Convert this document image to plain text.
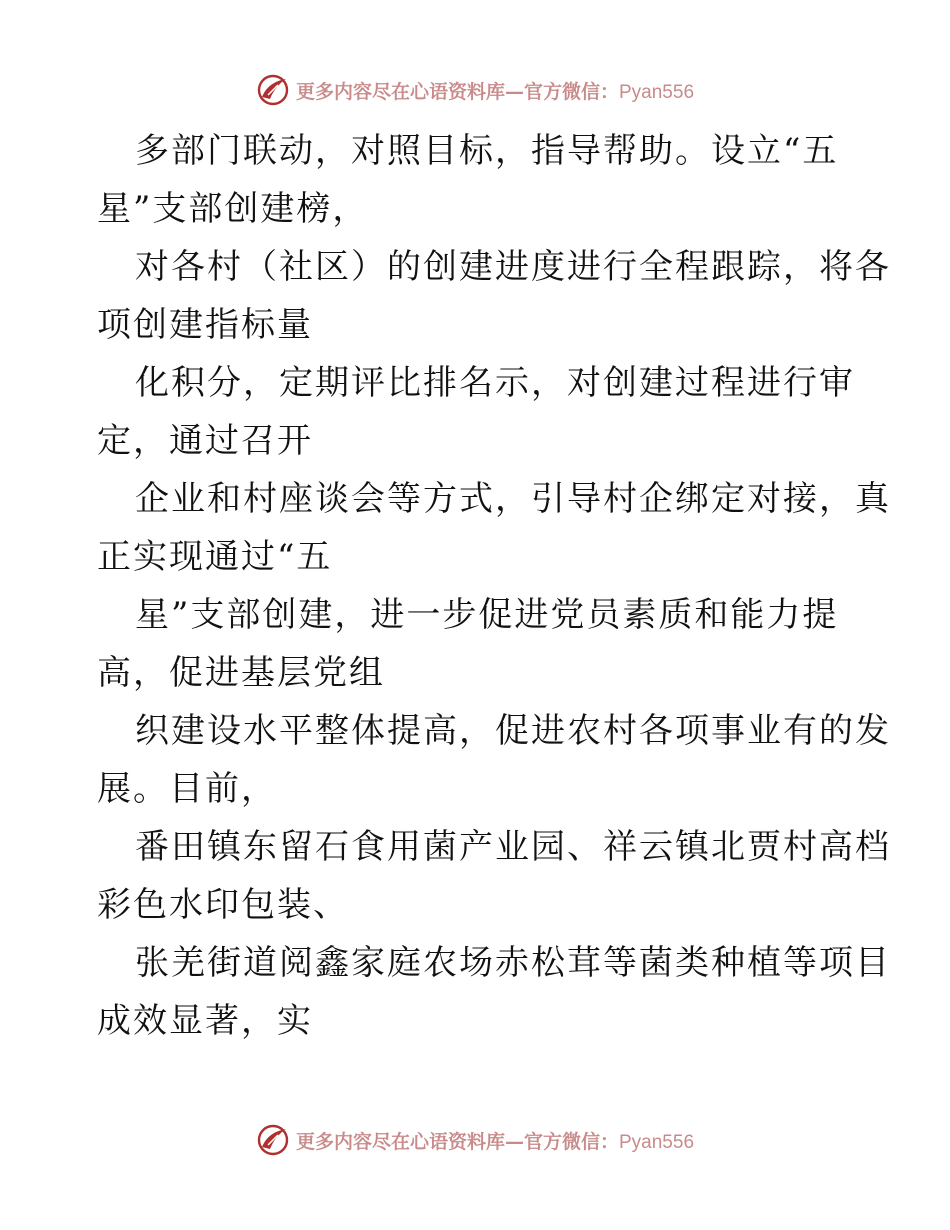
更多内容尽在心语资料库—官方微信：Pyan556
多部门联动，对照目标，指导帮助。设立“五
星”支部创建榜，
对各村（社区）的创建进度进行全程跟踪，将各
项创建指标量
化积分，定期评比排名示，对创建过程进行审
定，通过召开
企业和村座谈会等方式，引导村企绑定对接，真
正实现通过“五
星”支部创建，进一步促进党员素质和能力提
高，促进基层党组
织建设水平整体提高，促进农村各项事业有的发
展。目前，
番田镇东留石食用菌产业园、祥云镇北贾村高档
彩色水印包装、
张羌街道阅鑫家庭农场赤松茸等菌类种植等项目
成效显著，实
更多内容尽在心语资料库—官方微信：Pyan556
